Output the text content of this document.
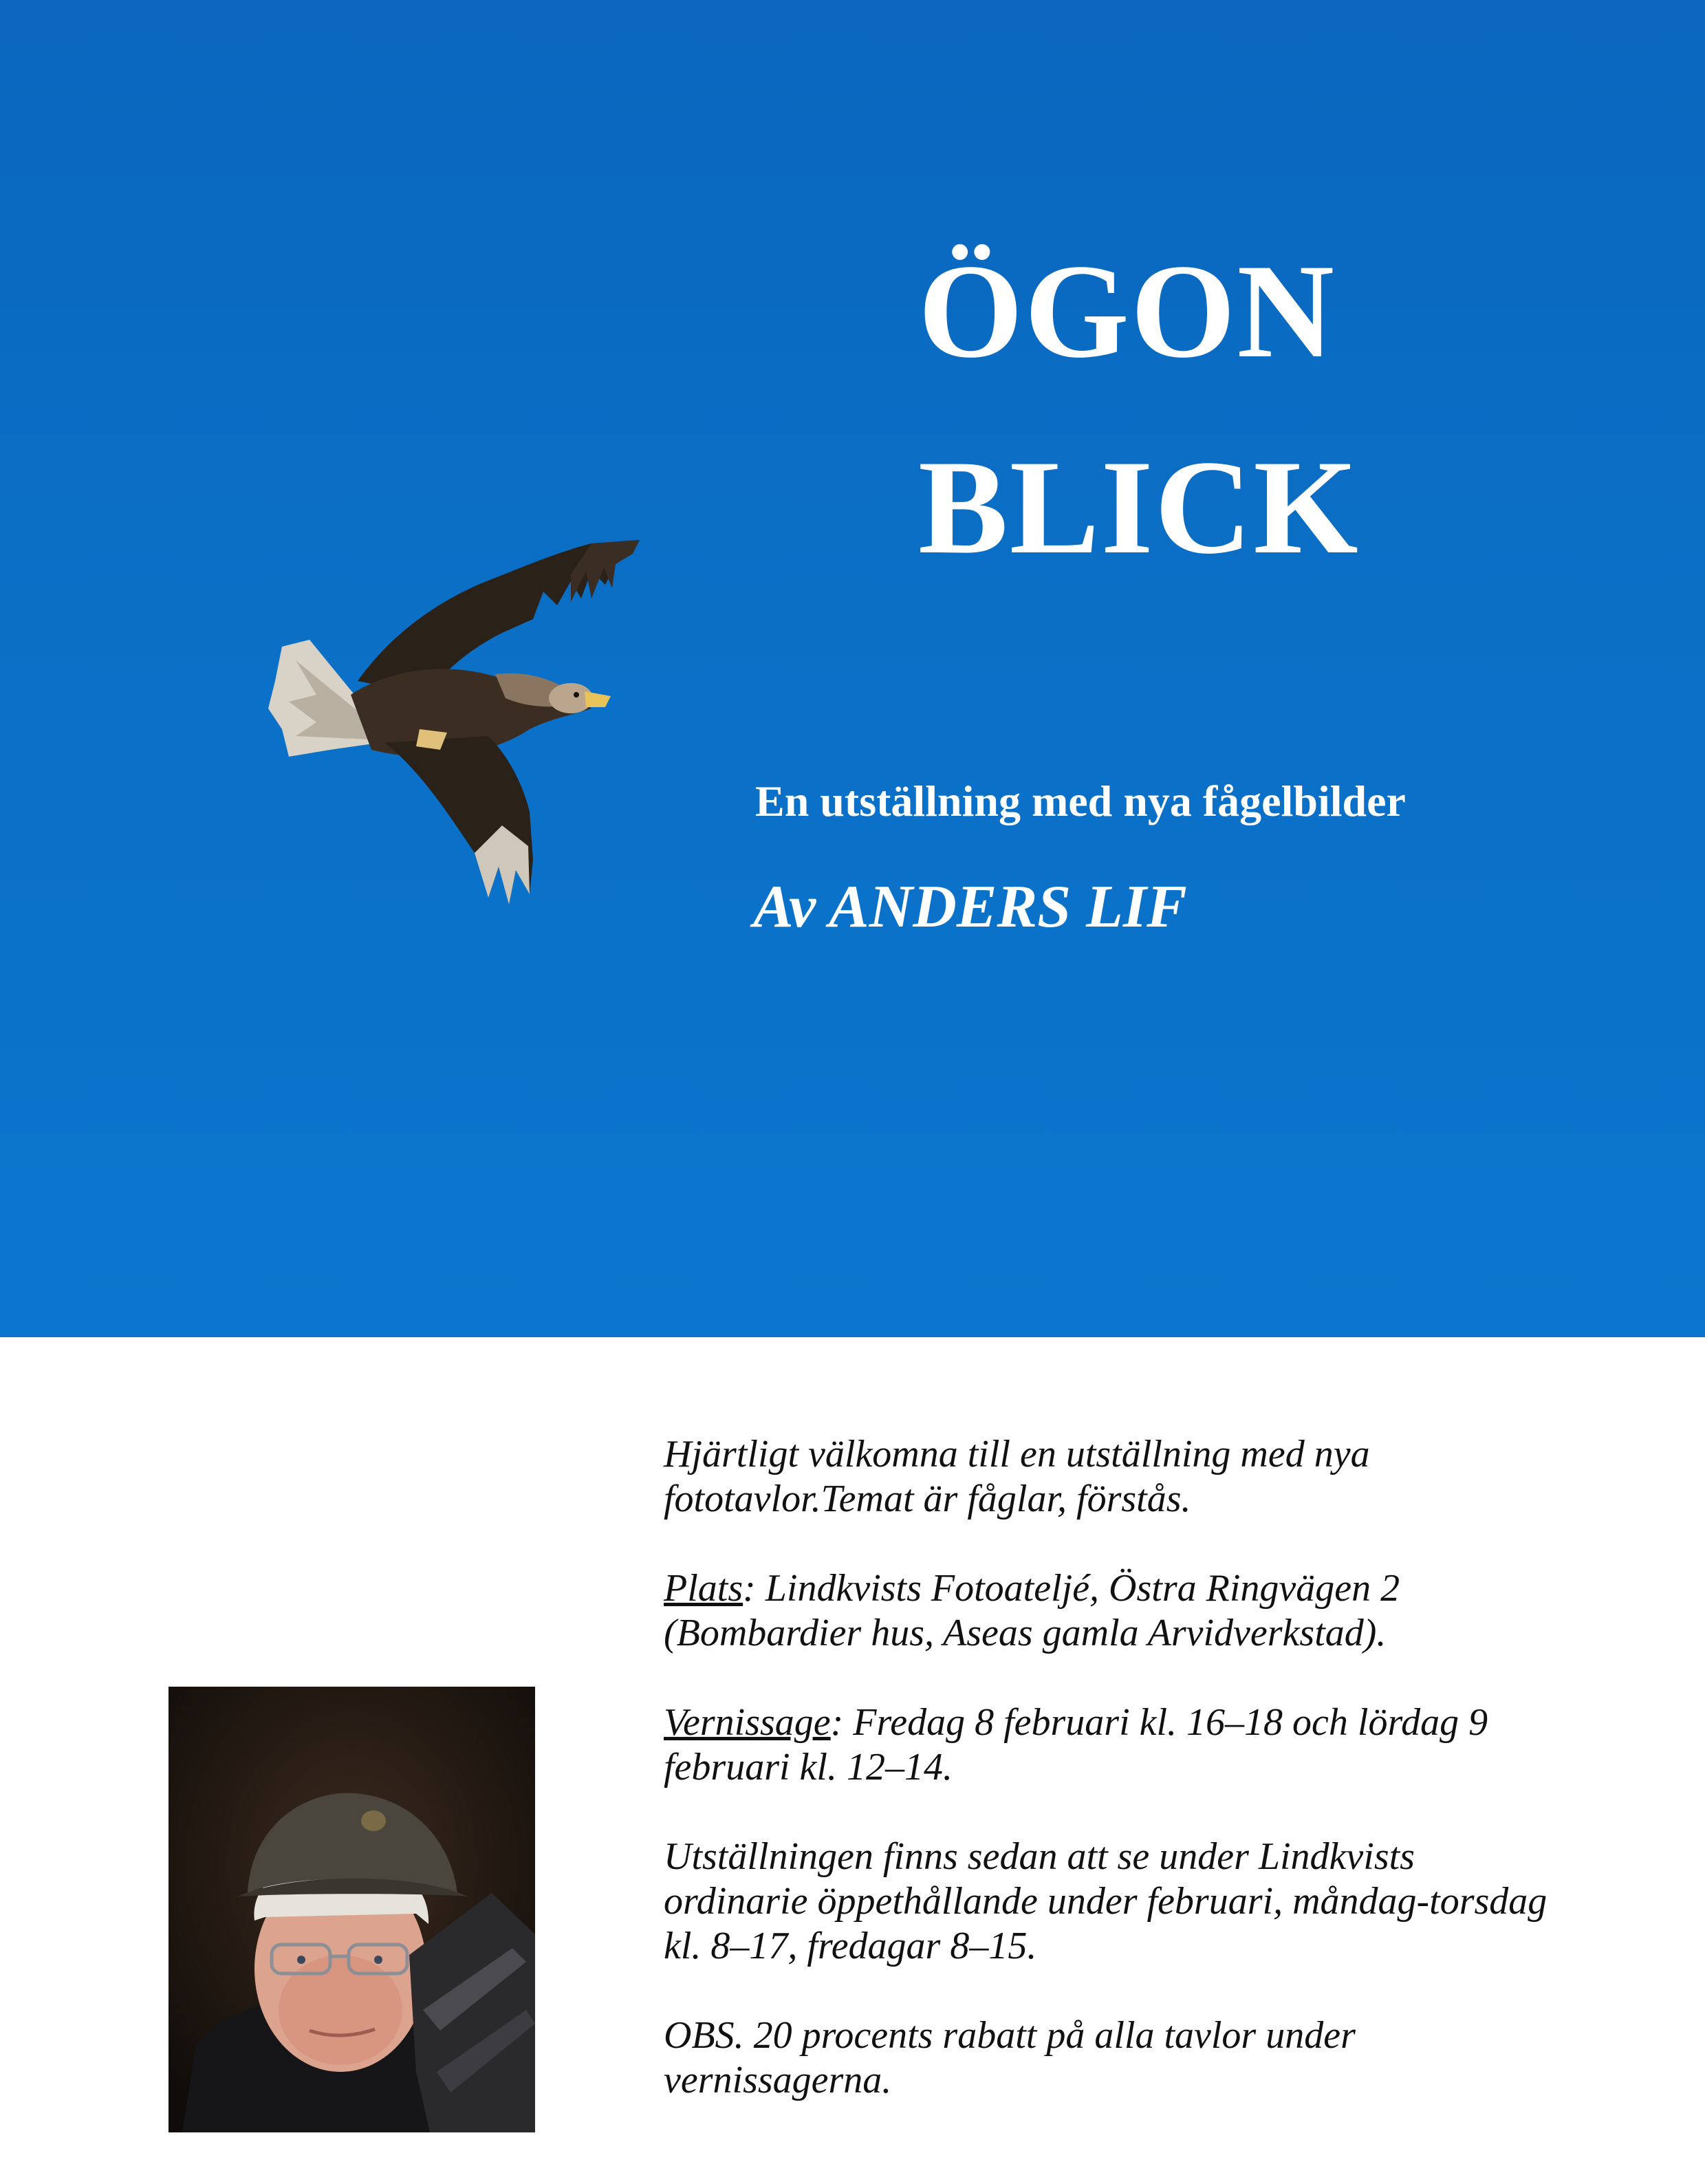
ÖGON
BLICK
En utställning med nya fågelbilder
Av ANDERS LIF

Hjärtligt välkomna till en utställning med nya fototavlor.Temat är fåglar, förstås.

Plats: Lindkvists Fotoateljé, Östra Ringvägen 2 (Bombardier hus, Aseas gamla Arvidverkstad).

Vernissage: Fredag 8 februari kl. 16–18 och lördag 9 februari kl. 12–14.

Utställningen finns sedan att se under Lindkvists ordinarie öppethållande under februari, måndag-torsdag kl. 8–17, fredagar 8–15.

OBS. 20 procents rabatt på alla tavlor under vernissagerna.
